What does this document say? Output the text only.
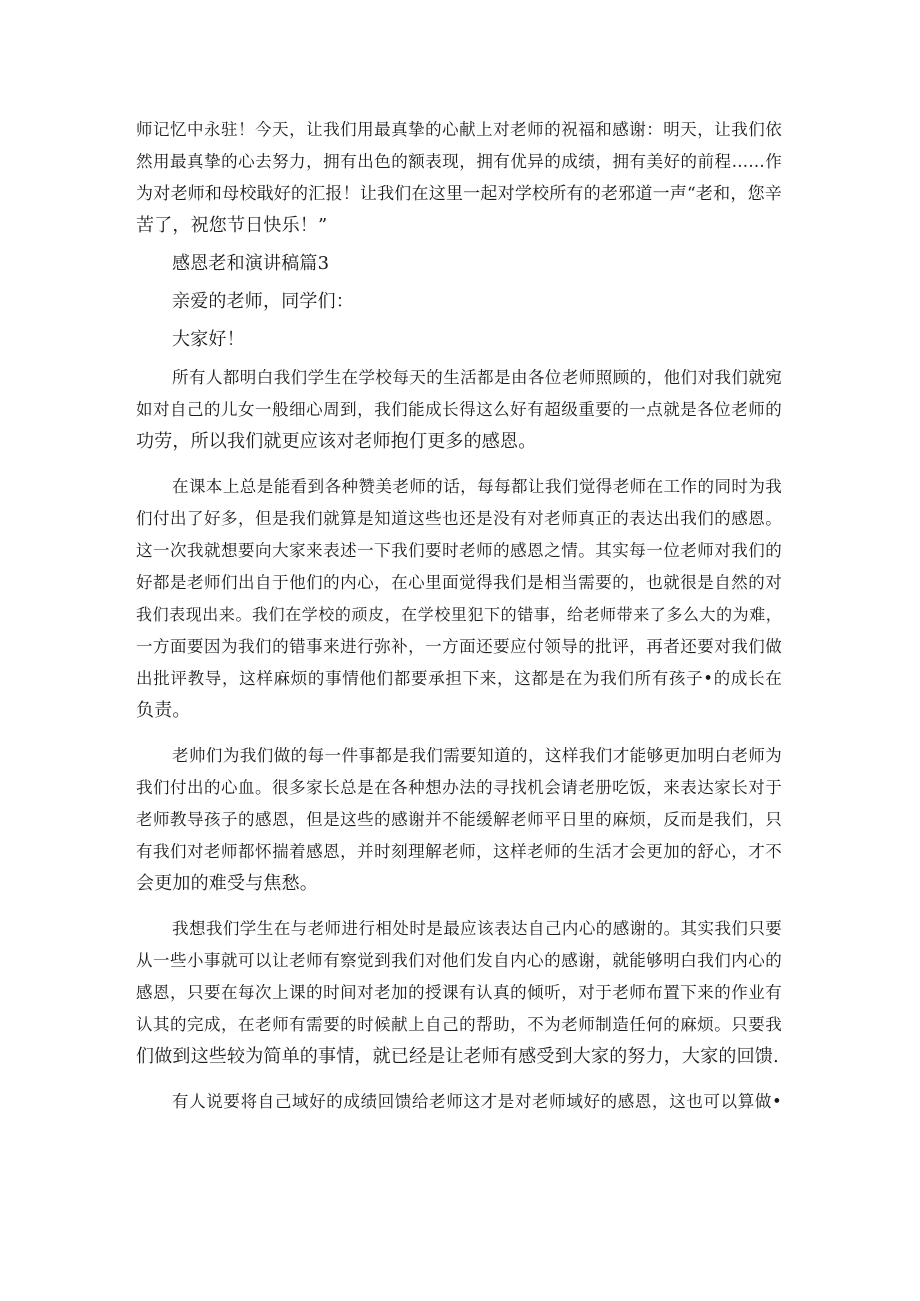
师记忆中永驻！今天，让我们用最真挚的心献上对老师的祝福和感谢：明天，让我们依

然用最真挚的心去努力，拥有出色的额表现，拥有优异的成绩，拥有美好的前程……作

为对老师和母校戢好的汇报！让我们在这里一起对学校所有的老邪道一声“老和，您辛

苦了，祝您节日快乐！”

感恩老和演讲稿篇3

亲爱的老师，同学们：

大家好！

所有人都明白我们学生在学校每天的生活都是由各位老师照顾的，他们对我们就宛

如对自己的儿女一般细心周到，我们能成长得这么好有超级重要的一点就是各位老师的

功劳，所以我们就更应该对老师抱仃更多的感恩。

在课本上总是能看到各种赞美老师的话，每每都让我们觉得老师在工作的同时为我

们付出了好多，但是我们就算是知道这些也还是没有对老师真正的表达出我们的感恩。

这一次我就想要向大家来表述一下我们要时老师的感恩之情。其实每一位老师对我们的

好都是老师们出自于他们的内心，在心里面觉得我们是相当需要的，也就很是自然的对

我们表现出来。我们在学校的顽皮，在学校里犯下的错事，给老师带来了多么大的为难，

一方面要因为我们的错事来进行弥补，一方面还要应付领导的批评，再者还要对我们做

出批评教导，这样麻烦的事情他们都要承担下来，这都是在为我们所有孩子•的成长在

负责。

老帅们为我们做的每一件事都是我们需要知道的，这样我们才能够更加明白老师为

我们付出的心血。很多家长总是在各种想办法的寻找机会请老册吃饭，来表达家长对于

老师教导孩子的感恩，但是这些的感谢并不能缓解老师平日里的麻烦，反而是我们，只

有我们对老师都怀揣着感恩，并时刻理解老师，这样老师的生活才会更加的舒心，才不

会更加的难受与焦愁。

我想我们学生在与老师进行相处时是最应该表达自己内心的感谢的。其实我们只要

从一些小事就可以让老师有察觉到我们对他们发自内心的感谢，就能够明白我们内心的

感恩，只要在每次上课的时间对老加的授课有认真的倾听，对于老师布置下来的作业有

认其的完成，在老师有需要的时候献上自己的帮助，不为老师制造任何的麻烦。只要我

们做到这些较为简单的事情，就已经是让老师有感受到大家的努力，大家的回馈.

有人说要将自己域好的成绩回馈给老师这才是对老师域好的感恩，这也可以算做•
